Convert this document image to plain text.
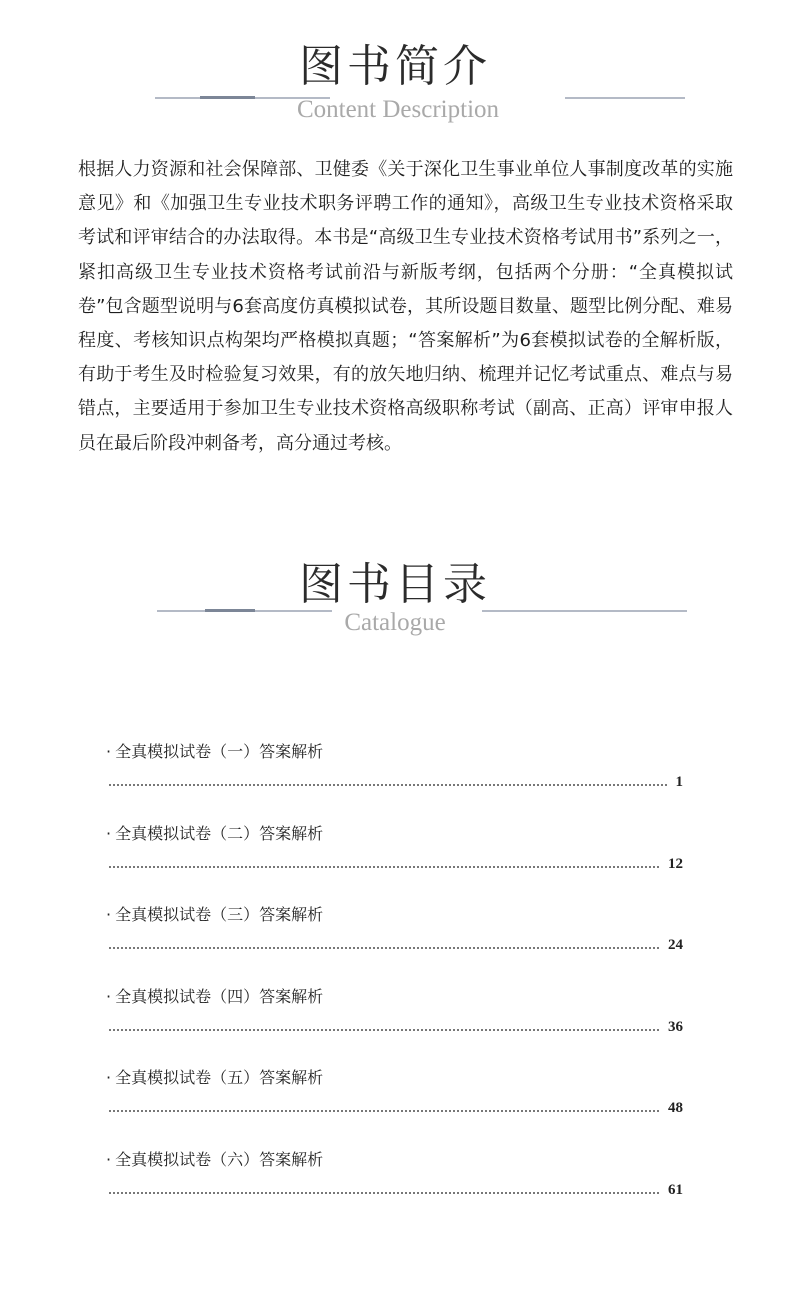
图书简介
Content Description

根据人力资源和社会保障部、卫健委《关于深化卫生事业单位人事制度改革的实施意见》和《加强卫生专业技术职务评聘工作的通知》，高级卫生专业技术资格采取考试和评审结合的办法取得。本书是“高级卫生专业技术资格考试用书”系列之一，紧扣高级卫生专业技术资格考试前沿与新版考纲，包括两个分册：“全真模拟试卷”包含题型说明与6套高度仿真模拟试卷，其所设题目数量、题型比例分配、难易程度、考核知识点构架均严格模拟真题；“答案解析”为6套模拟试卷的全解析版，有助于考生及时检验复习效果，有的放矢地归纳、梳理并记忆考试重点、难点与易错点，主要适用于参加卫生专业技术资格高级职称考试（副高、正高）评审申报人员在最后阶段冲刺备考，高分通过考核。

图书目录
Catalogue
· 全真模拟试卷（一）答案解析
1
· 全真模拟试卷（二）答案解析
12
· 全真模拟试卷（三）答案解析
24
· 全真模拟试卷（四）答案解析
36
· 全真模拟试卷（五）答案解析
48
· 全真模拟试卷（六）答案解析
61
